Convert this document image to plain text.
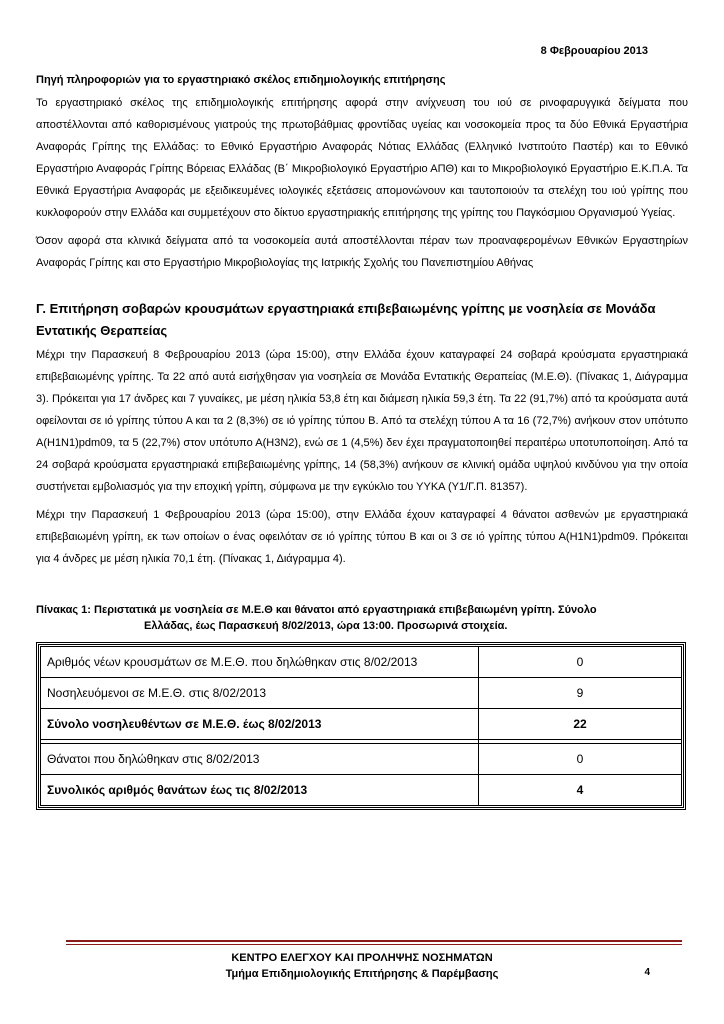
8 Φεβρουαρίου 2013
Πηγή πληροφοριών για το εργαστηριακό σκέλος επιδημιολογικής επιτήρησης

Το εργαστηριακό σκέλος της επιδημιολογικής επιτήρησης αφορά στην ανίχνευση του ιού σε ρινοφαρυγγικά δείγματα που αποστέλλονται από καθορισμένους γιατρούς της πρωτοβάθμιας φροντίδας υγείας και νοσοκομεία προς τα δύο Εθνικά Εργαστήρια Αναφοράς Γρίπης της Ελλάδας: το Εθνικό Εργαστήριο Αναφοράς Νότιας Ελλάδας (Ελληνικό Ινστιτούτο Παστέρ) και το Εθνικό Εργαστήριο Αναφοράς Γρίπης Βόρειας Ελλάδας (Β΄ Μικροβιολογικό Εργαστήριο ΑΠΘ) και το Μικροβιολογικό Εργαστήριο Ε.Κ.Π.Α. Τα Εθνικά Εργαστήρια Αναφοράς με εξειδικευμένες ιολογικές εξετάσεις απομονώνουν και ταυτοποιούν τα στελέχη του ιού γρίπης που κυκλοφορούν στην Ελλάδα και συμμετέχουν στο δίκτυο εργαστηριακής επιτήρησης της γρίπης του Παγκόσμιου Οργανισμού Υγείας.

Όσον αφορά στα κλινικά δείγματα από τα νοσοκομεία αυτά αποστέλλονται πέραν των προαναφερομένων Εθνικών Εργαστηρίων Αναφοράς Γρίπης και στο Εργαστήριο Μικροβιολογίας της Ιατρικής Σχολής του Πανεπιστημίου Αθήνας

Γ. Επιτήρηση σοβαρών κρουσμάτων εργαστηριακά επιβεβαιωμένης γρίπης με νοσηλεία σε Μονάδα Εντατικής Θεραπείας

Μέχρι την Παρασκευή 8 Φεβρουαρίου 2013 (ώρα 15:00), στην Ελλάδα έχουν καταγραφεί 24 σοβαρά κρούσματα εργαστηριακά επιβεβαιωμένης γρίπης. Τα 22 από αυτά εισήχθησαν για νοσηλεία σε Μονάδα Εντατικής Θεραπείας (Μ.Ε.Θ). (Πίνακας 1, Διάγραμμα 3). Πρόκειται για 17 άνδρες και 7 γυναίκες, με μέση ηλικία 53,8 έτη και διάμεση ηλικία 59,3 έτη. Τα 22 (91,7%) από τα κρούσματα αυτά οφείλονται σε ιό γρίπης τύπου Α και τα 2 (8,3%) σε ιό γρίπης τύπου Β. Από τα στελέχη τύπου Α τα 16 (72,7%) ανήκουν στον υπότυπο Α(Η1Ν1)pdm09, τα 5 (22,7%) στον υπότυπο Α(Η3Ν2), ενώ σε 1 (4,5%) δεν έχει πραγματοποιηθεί περαιτέρω υποτυποποίηση. Από τα 24 σοβαρά κρούσματα εργαστηριακά επιβεβαιωμένης γρίπης, 14 (58,3%) ανήκουν σε κλινική ομάδα υψηλού κινδύνου για την οποία συστήνεται εμβολιασμός για την εποχική γρίπη, σύμφωνα με την εγκύκλιο του ΥΥΚΑ (Υ1/Γ.Π. 81357).

Μέχρι την Παρασκευή 1 Φεβρουαρίου 2013 (ώρα 15:00), στην Ελλάδα έχουν καταγραφεί 4 θάνατοι ασθενών με εργαστηριακά επιβεβαιωμένη γρίπη, εκ των οποίων ο ένας οφειλόταν σε ιό γρίπης τύπου Β και οι 3 σε ιό γρίπης τύπου Α(Η1Ν1)pdm09. Πρόκειται για 4 άνδρες με μέση ηλικία 70,1 έτη. (Πίνακας 1, Διάγραμμα 4).

Πίνακας 1: Περιστατικά με νοσηλεία σε Μ.Ε.Θ και θάνατοι από εργαστηριακά επιβεβαιωμένη γρίπη. Σύνολο
Ελλάδας, έως Παρασκευή 8/02/2013, ώρα 13:00. Προσωρινά στοιχεία.
Αριθμός νέων κρουσμάτων σε Μ.Ε.Θ. που δηλώθηκαν στις 8/02/2013	0
Νοσηλευόμενοι σε Μ.Ε.Θ. στις 8/02/2013	9
Σύνολο νοσηλευθέντων σε Μ.Ε.Θ. έως 8/02/2013	22

Θάνατοι που δηλώθηκαν στις 8/02/2013	0
Συνολικός αριθμός θανάτων έως τις 8/02/2013	4
ΚΕΝΤΡΟ ΕΛΕΓΧΟΥ ΚΑΙ ΠΡΟΛΗΨΗΣ ΝΟΣΗΜΑΤΩΝ
Τμήμα Επιδημιολογικής Επιτήρησης & Παρέμβασης	4
